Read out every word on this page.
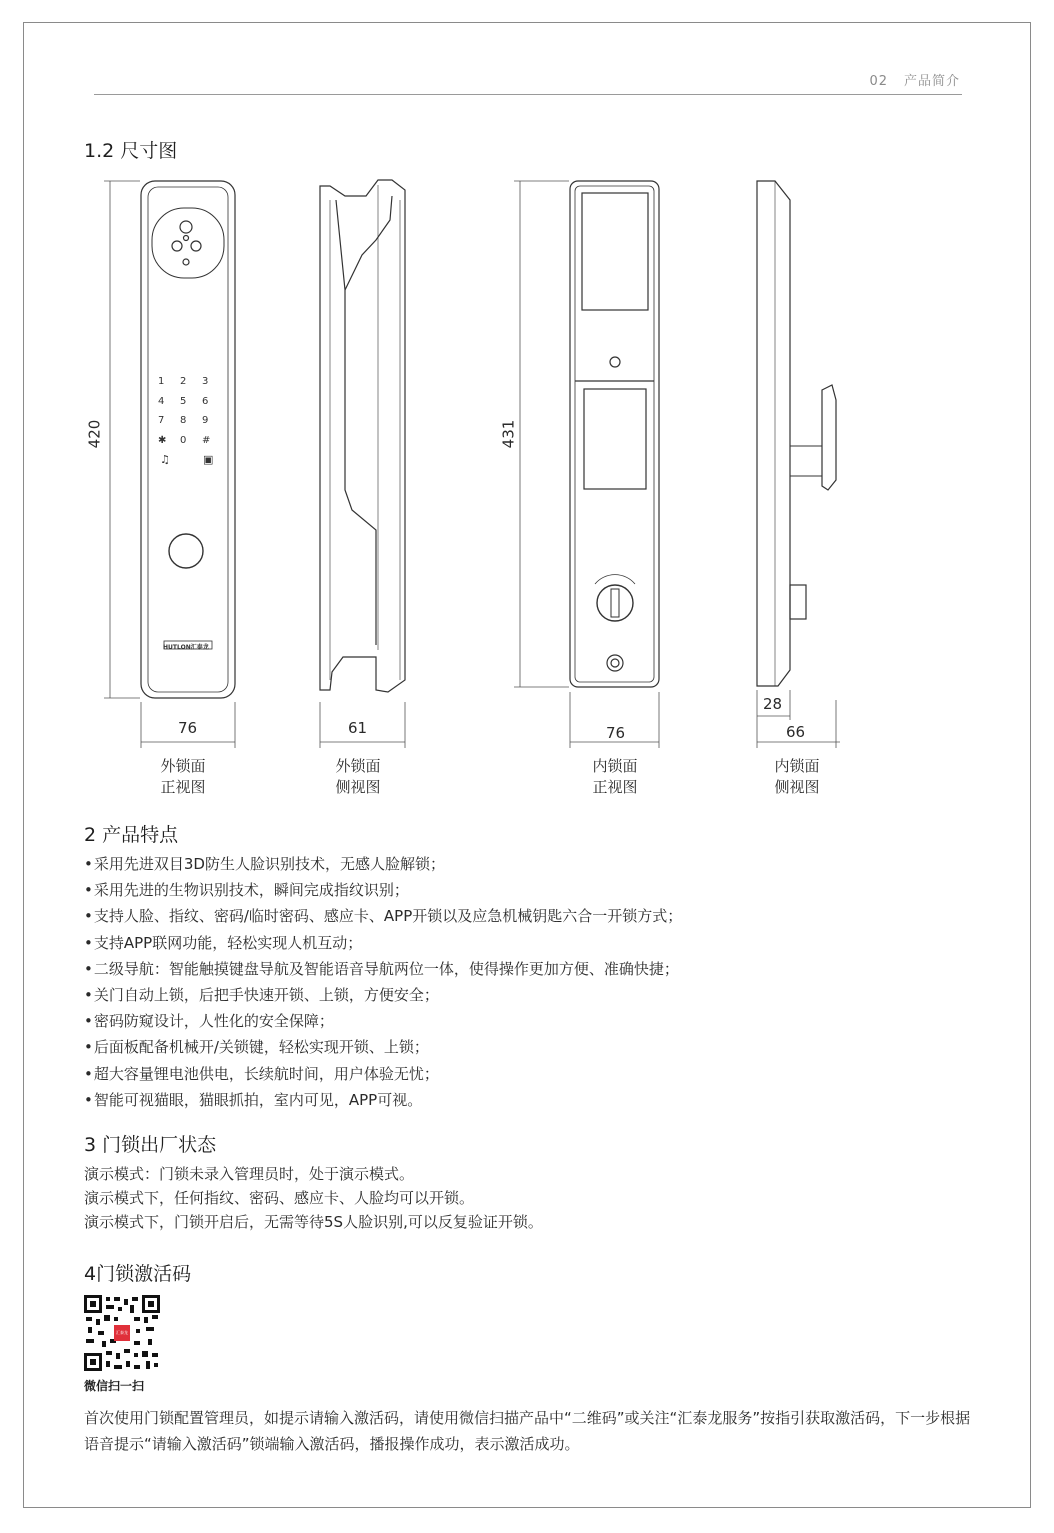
02 产品简介
1.2 尺寸图
1	2	3
4	5	6
7	8	9
✱	0	#
♫	▣
HUTLON汇泰龙
420
76	61
431
76
28
66
外锁面
正视图
外锁面
侧视图
内锁面
正视图
内锁面
侧视图
2 产品特点
• 采用先进双目3D防生人脸识别技术，无感人脸解锁；
• 采用先进的生物识别技术，瞬间完成指纹识别；
• 支持人脸、指纹、密码/临时密码、感应卡、APP开锁以及应急机械钥匙六合一开锁方式；
• 支持APP联网功能，轻松实现人机互动；
• 二级导航：智能触摸键盘导航及智能语音导航两位一体，使得操作更加方便、准确快捷；
• 关门自动上锁，后把手快速开锁、上锁，方便安全；
• 密码防窥设计，人性化的安全保障；
• 后面板配备机械开/关锁键，轻松实现开锁、上锁；
• 超大容量锂电池供电，长续航时间，用户体验无忧；
• 智能可视猫眼，猫眼抓拍，室内可见，APP可视。
3 门锁出厂状态

演示模式：门锁未录入管理员时，处于演示模式。

演示模式下，任何指纹、密码、感应卡、人脸均可以开锁。

演示模式下，门锁开启后，无需等待5S人脸识别,可以反复验证开锁。

4门锁激活码
汇泰龙
微信扫一扫

首次使用门锁配置管理员，如提示请输入激活码，请使用微信扫描产品中“二维码”或关注“汇泰龙服务”按指引获取激活码，下一步根据语音提示“请输入激活码”锁端输入激活码，播报操作成功，表示激活成功。
